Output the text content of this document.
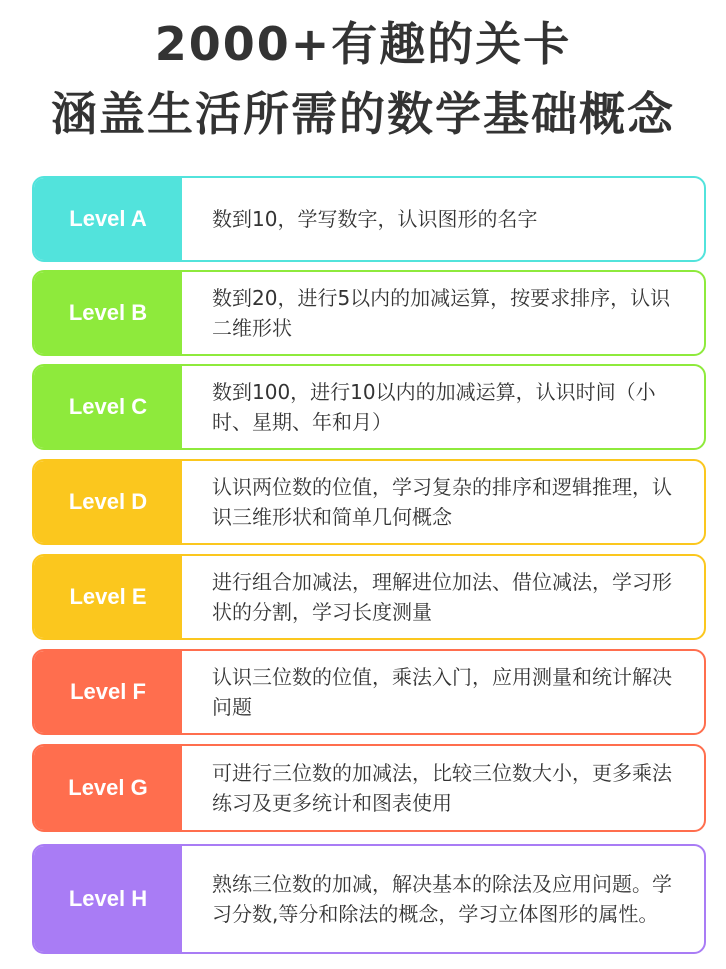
2000+有趣的关卡
涵盖生活所需的数学基础概念
Level A	数到10，学写数字，认识图形的名字
Level B
数到20，进行5以内的加减运算，按要求排序，认识二维形状
Level C
数到100，进行10以内的加减运算，认识时间（小时、星期、年和月）
Level D
认识两位数的位值，学习复杂的排序和逻辑推理，认识三维形状和简单几何概念
Level E
进行组合加减法，理解进位加法、借位减法，学习形状的分割，学习长度测量
Level F
认识三位数的位值，乘法入门，应用测量和统计解决问题
Level G
可进行三位数的加减法，比较三位数大小，更多乘法练习及更多统计和图表使用
Level H
熟练三位数的加减，解决基本的除法及应用问题。学习分数,等分和除法的概念，学习立体图形的属性。
